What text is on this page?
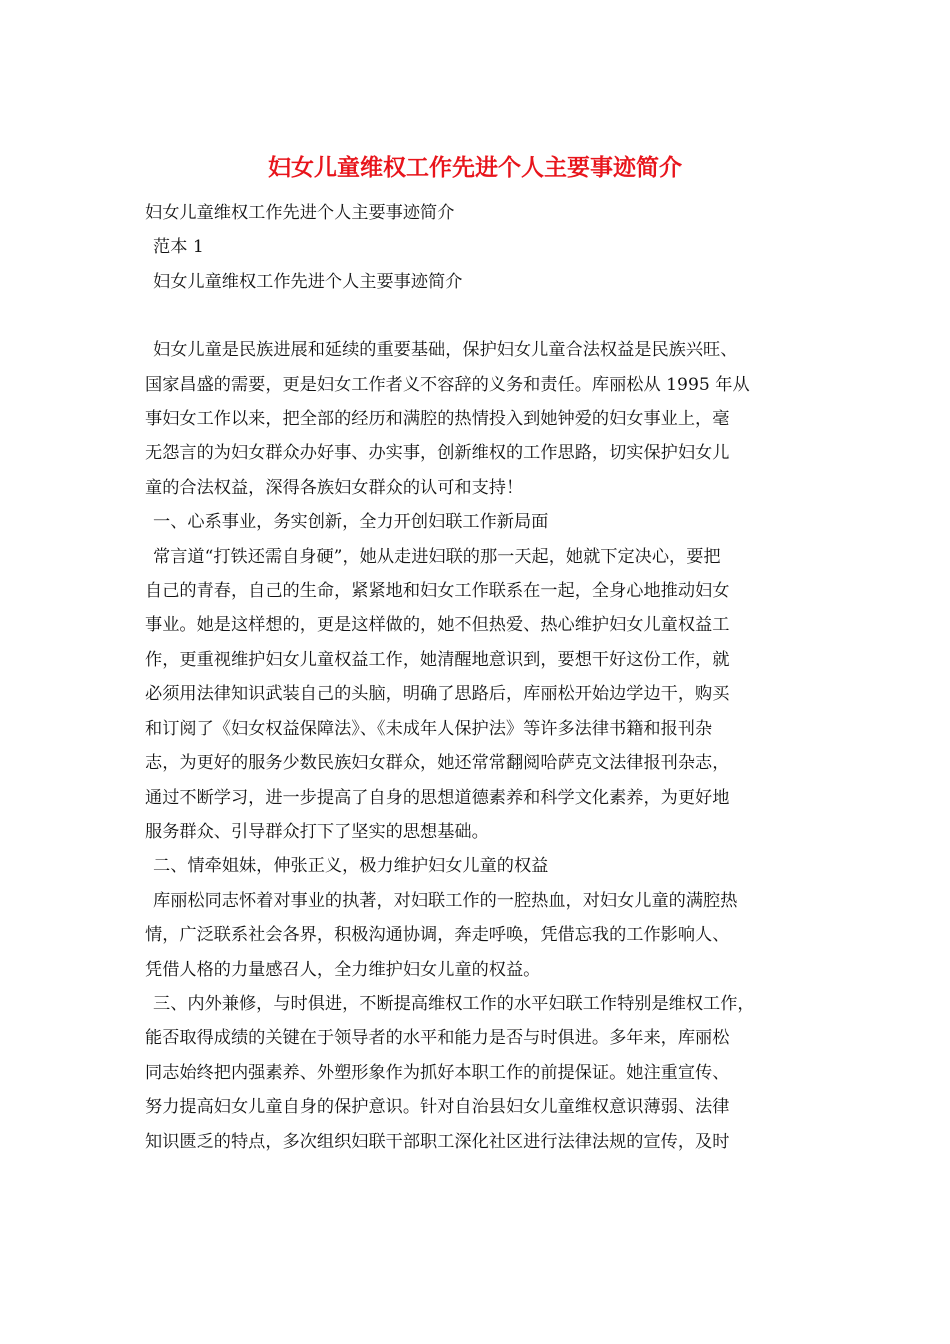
妇女儿童维权工作先进个人主要事迹简介

妇女儿童维权工作先进个人主要事迹简介

范本 1

妇女儿童维权工作先进个人主要事迹简介

妇女儿童是民族进展和延续的重要基础，保护妇女儿童合法权益是民族兴旺、

国家昌盛的需要，更是妇女工作者义不容辞的义务和责任。库丽松从 1995 年从

事妇女工作以来，把全部的经历和满腔的热情投入到她钟爱的妇女事业上，毫

无怨言的为妇女群众办好事、办实事，创新维权的工作思路，切实保护妇女儿

童的合法权益，深得各族妇女群众的认可和支持！

一、心系事业，务实创新，全力开创妇联工作新局面

常言道“打铁还需自身硬”，她从走进妇联的那一天起，她就下定决心，要把

自己的青春，自己的生命，紧紧地和妇女工作联系在一起，全身心地推动妇女

事业。她是这样想的，更是这样做的，她不但热爱、热心维护妇女儿童权益工

作，更重视维护妇女儿童权益工作，她清醒地意识到，要想干好这份工作，就

必须用法律知识武装自己的头脑，明确了思路后，库丽松开始边学边干，购买

和订阅了《妇女权益保障法》、《未成年人保护法》等许多法律书籍和报刊杂

志，为更好的服务少数民族妇女群众，她还常常翻阅哈萨克文法律报刊杂志，

通过不断学习，进一步提高了自身的思想道德素养和科学文化素养，为更好地

服务群众、引导群众打下了坚实的思想基础。

二、情牵姐妹，伸张正义，极力维护妇女儿童的权益

库丽松同志怀着对事业的执著，对妇联工作的一腔热血，对妇女儿童的满腔热

情，广泛联系社会各界，积极沟通协调，奔走呼唤，凭借忘我的工作影响人、

凭借人格的力量感召人，全力维护妇女儿童的权益。

三、内外兼修，与时俱进，不断提高维权工作的水平妇联工作特别是维权工作，

能否取得成绩的关键在于领导者的水平和能力是否与时俱进。多年来，库丽松

同志始终把内强素养、外塑形象作为抓好本职工作的前提保证。她注重宣传、

努力提高妇女儿童自身的保护意识。针对自治县妇女儿童维权意识薄弱、法律

知识匮乏的特点，多次组织妇联干部职工深化社区进行法律法规的宣传，及时
